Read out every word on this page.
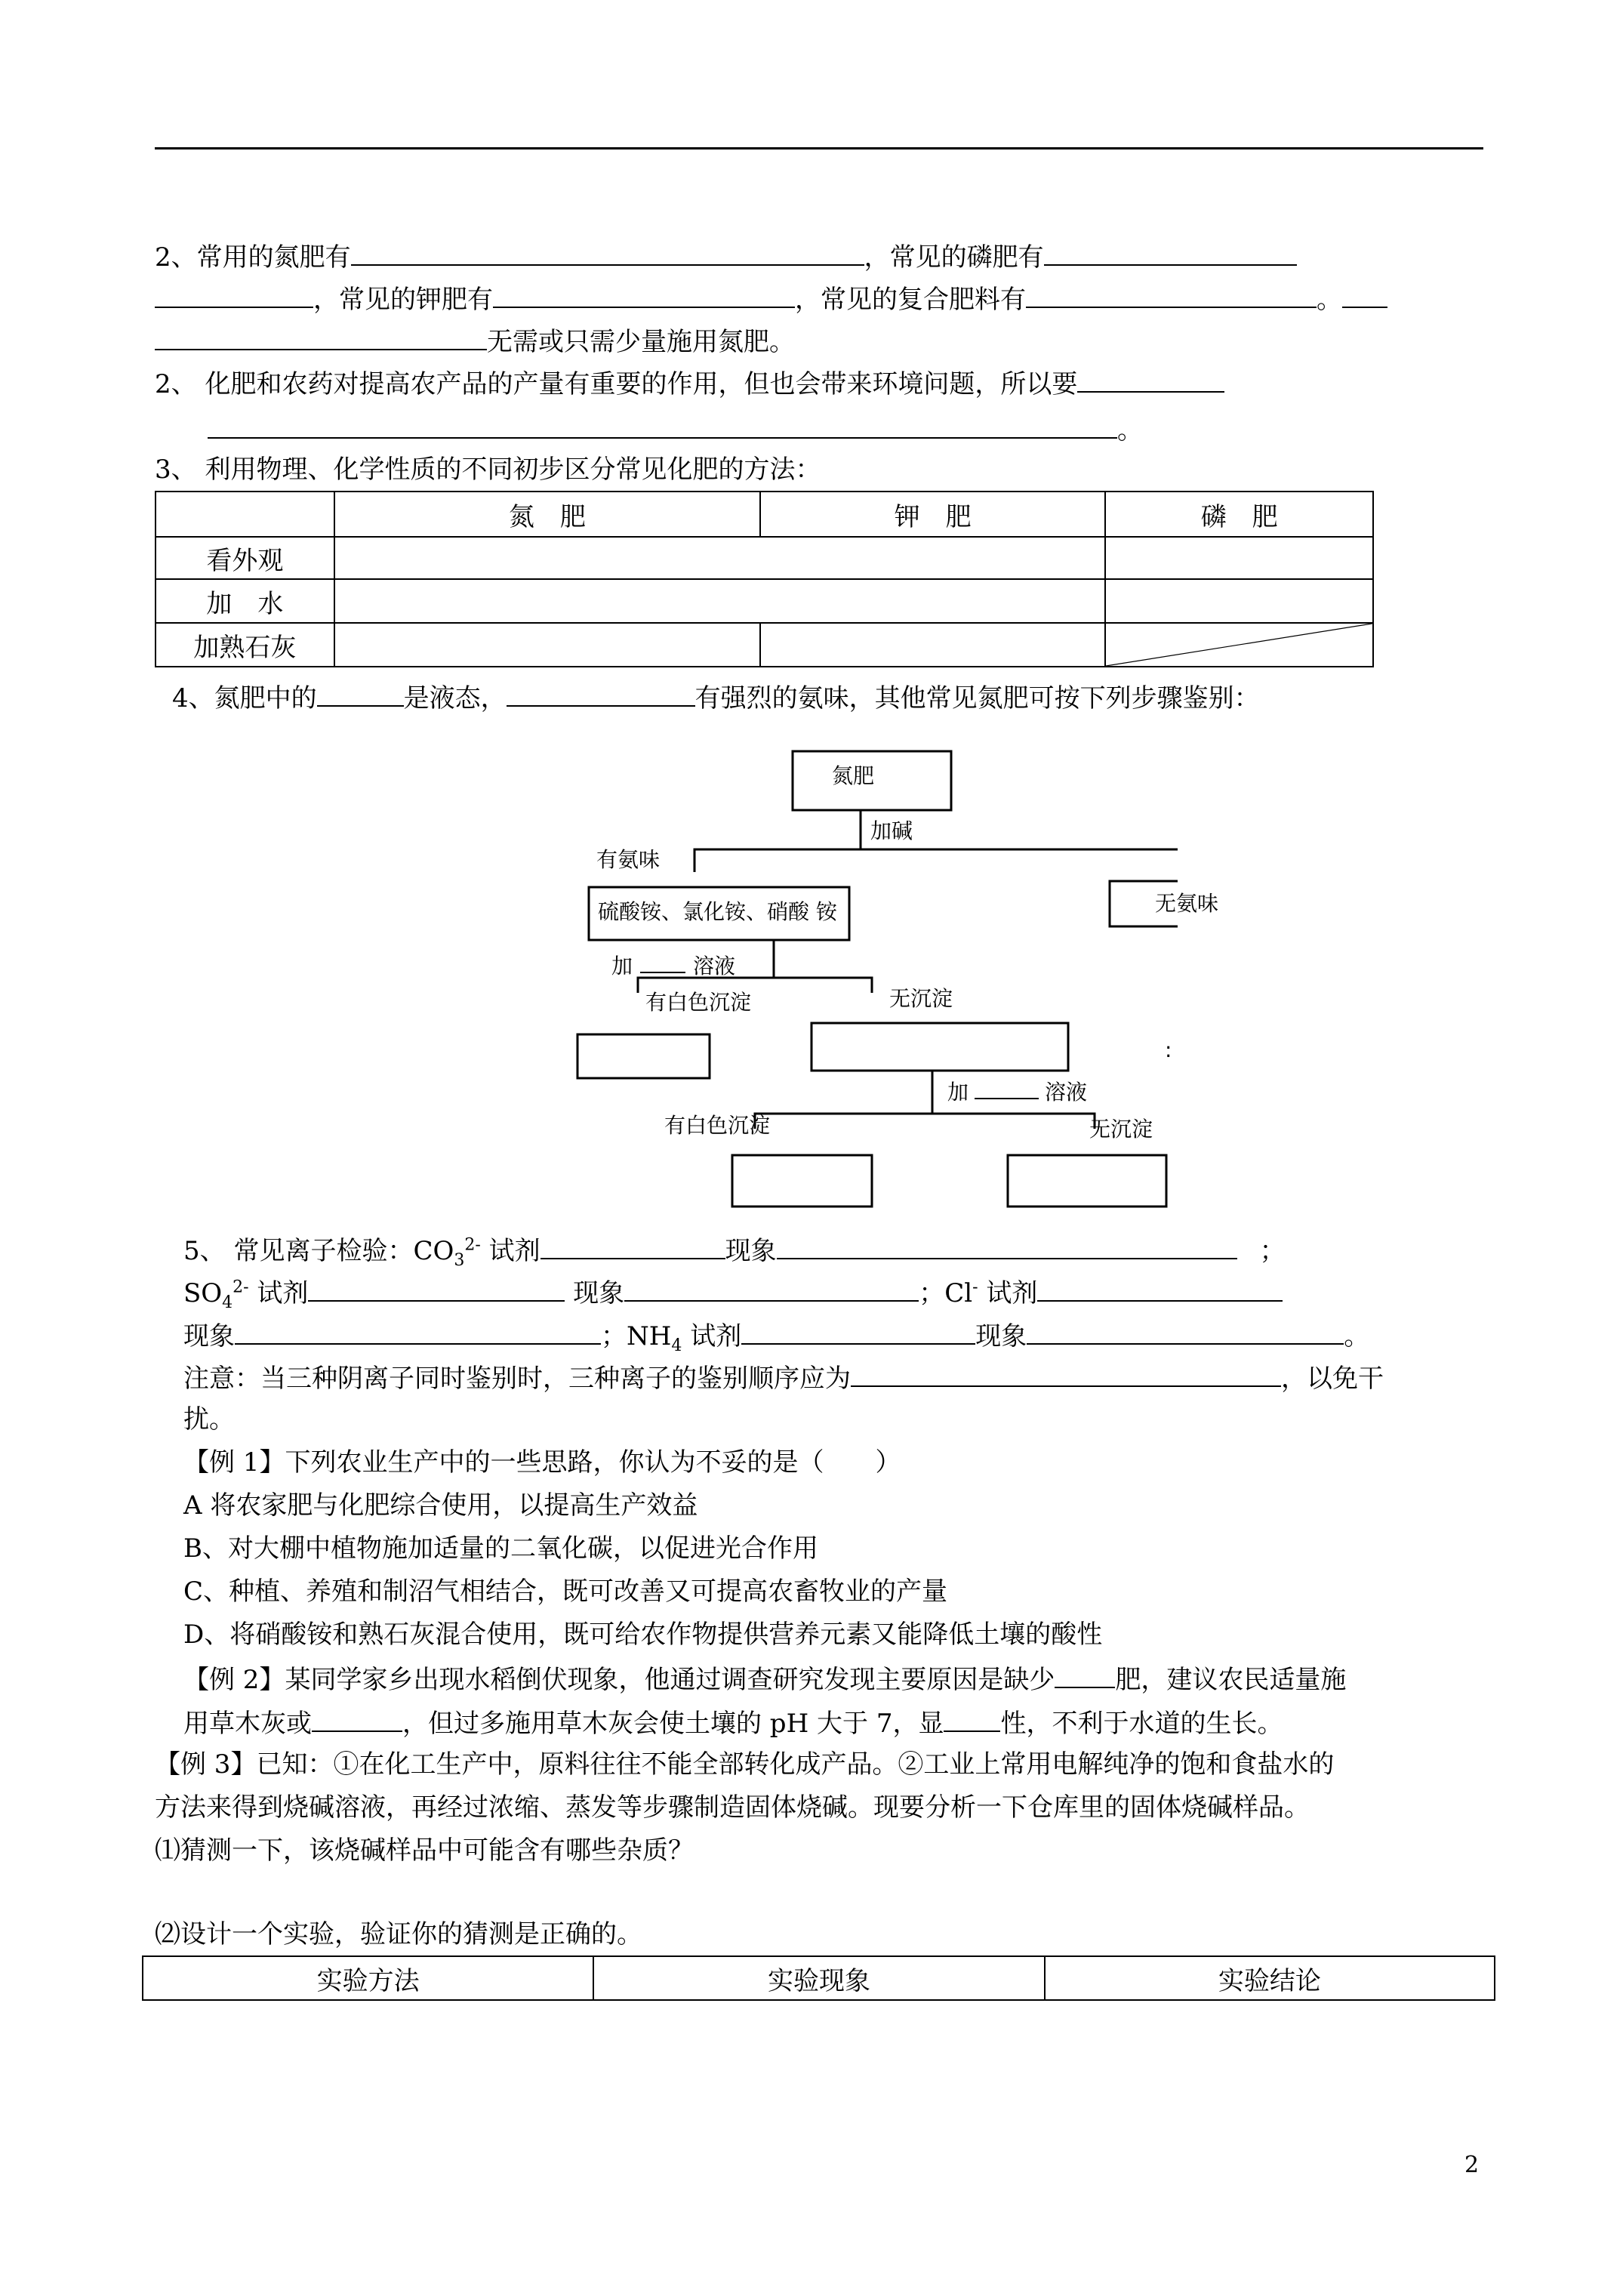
2、常用的氮肥有	，常见的磷肥有
，常见的钾肥有	，常见的复合肥料有	。
无需或只需少量施用氮肥。
2、 化肥和农药对提高农产品的产量有重要的作用，但也会带来环境问题，所以要
。
3、 利用物理、化学性质的不同初步区分常见化肥的方法：
	氮　肥	钾　肥	磷　肥
看外观			
加　水			
加熟石灰			
4、氮肥中的	是液态，	有强烈的氨味，其他常见氮肥可按下列步骤鉴别：
氮肥
加碱
有氨味
无氨味
硫酸铵、氯化铵、硝酸 铵
加	溶液
有白色沉淀	无沉淀
:
加	溶液
有白色沉淀	无沉淀
5、 常见离子检验：$CO_3^{2-}$ 试剂	现象	；
$SO_4^{2-}$ 试剂	现象	；Cl- 试剂
现象	；$NH_4$ 试剂	现象	。
注意：当三种阴离子同时鉴别时，三种离子的鉴别顺序应为	，以免干
扰。
【例 1】下列农业生产中的一些思路，你认为不妥的是（　　）
A 将农家肥与化肥综合使用，以提高生产效益
B、对大棚中植物施加适量的二氧化碳，以促进光合作用
C、种植、养殖和制沼气相结合，既可改善又可提高农畜牧业的产量
D、将硝酸铵和熟石灰混合使用，既可给农作物提供营养元素又能降低土壤的酸性
【例 2】某同学家乡出现水稻倒伏现象，他通过调查研究发现主要原因是缺少 肥，建议农民适量施
用草木灰或	，但过多施用草木灰会使土壤的 pH 大于 7，显 性，不利于水道的生长。
【例 3】已知：①在化工生产中，原料往往不能全部转化成产品。②工业上常用电解纯净的饱和食盐水的
方法来得到烧碱溶液，再经过浓缩、蒸发等步骤制造固体烧碱。现要分析一下仓库里的固体烧碱样品。
⑴猜测一下，该烧碱样品中可能含有哪些杂质？
⑵设计一个实验，验证你的猜测是正确的。
实验方法	实验现象	实验结论
2
